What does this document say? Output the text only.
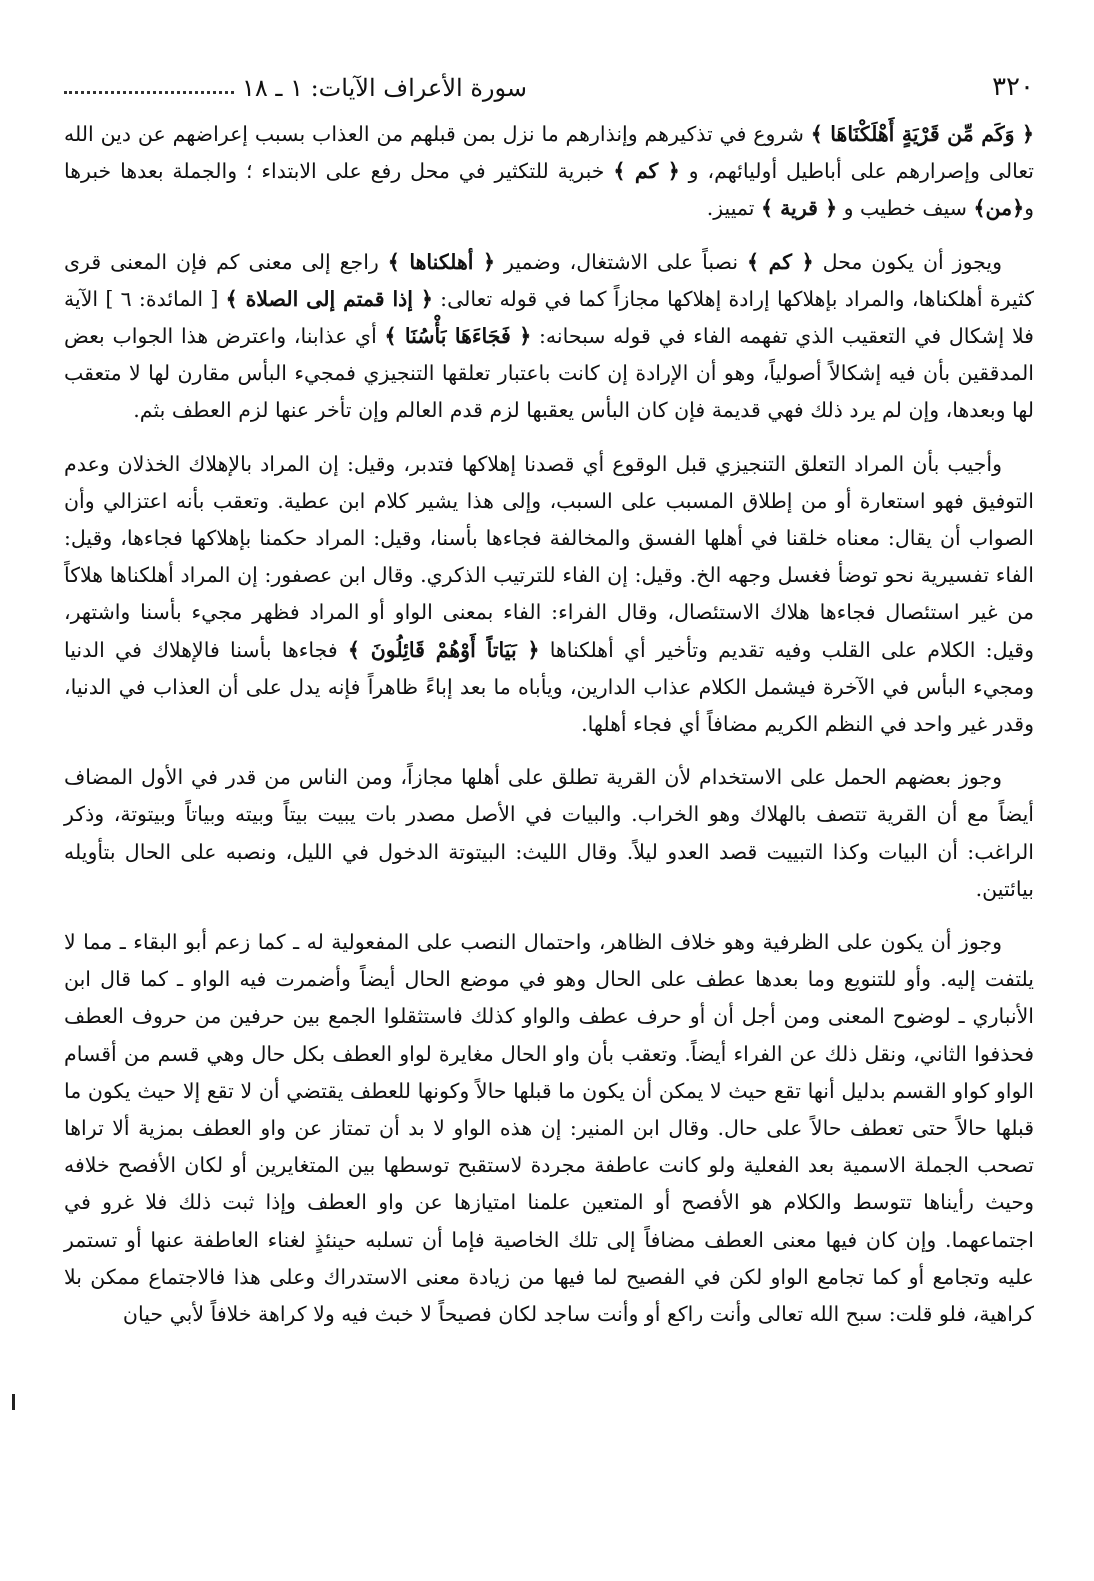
٣٢٠
سورة الأعراف الآيات: ١ ـ ١٨

﴿ وَكَم مِّن قَرْيَةٍ أَهْلَكْنَاهَا ﴾ شروع في تذكيرهم وإنذارهم ما نزل بمن قبلهم من العذاب بسبب إعراضهم عن دين الله تعالى وإصرارهم على أباطيل أوليائهم، و ﴿ كم ﴾ خبرية للتكثير في محل رفع على الابتداء ؛ والجملة بعدها خبرها و﴿من﴾ سيف خطيب و ﴿ قرية ﴾ تمييز.

ويجوز أن يكون محل ﴿ كم ﴾ نصباً على الاشتغال، وضمير ﴿ أهلكناها ﴾ راجع إلى معنى كم فإن المعنى قرى كثيرة أهلكناها، والمراد بإهلاكها إرادة إهلاكها مجازاً كما في قوله تعالى: ﴿ إذا قمتم إلى الصلاة ﴾ [ المائدة: ٦ ] الآية فلا إشكال في التعقيب الذي تفهمه الفاء في قوله سبحانه: ﴿ فَجَاءَهَا بَأْسُنَا ﴾ أي عذابنا، واعترض هذا الجواب بعض المدققين بأن فيه إشكالاً أصولياً، وهو أن الإرادة إن كانت باعتبار تعلقها التنجيزي فمجيء البأس مقارن لها لا متعقب لها وبعدها، وإن لم يرد ذلك فهي قديمة فإن كان البأس يعقبها لزم قدم العالم وإن تأخر عنها لزم العطف بثم.

وأجيب بأن المراد التعلق التنجيزي قبل الوقوع أي قصدنا إهلاكها فتدبر، وقيل: إن المراد بالإهلاك الخذلان وعدم التوفيق فهو استعارة أو من إطلاق المسبب على السبب، وإلى هذا يشير كلام ابن عطية. وتعقب بأنه اعتزالي وأن الصواب أن يقال: معناه خلقنا في أهلها الفسق والمخالفة فجاءها بأسنا، وقيل: المراد حكمنا بإهلاكها فجاءها، وقيل: الفاء تفسيرية نحو توضأ فغسل وجهه الخ. وقيل: إن الفاء للترتيب الذكري. وقال ابن عصفور: إن المراد أهلكناها هلاكاً من غير استئصال فجاءها هلاك الاستئصال، وقال الفراء: الفاء بمعنى الواو أو المراد فظهر مجيء بأسنا واشتهر، وقيل: الكلام على القلب وفيه تقديم وتأخير أي أهلكناها ﴿ بَيَاتاً أَوْهُمْ قَائِلُونَ ﴾ فجاءها بأسنا فالإهلاك في الدنيا ومجيء البأس في الآخرة فيشمل الكلام عذاب الدارين، ويأباه ما بعد إباءً ظاهراً فإنه يدل على أن العذاب في الدنيا، وقدر غير واحد في النظم الكريم مضافاً أي فجاء أهلها.

وجوز بعضهم الحمل على الاستخدام لأن القرية تطلق على أهلها مجازاً، ومن الناس من قدر في الأول المضاف أيضاً مع أن القرية تتصف بالهلاك وهو الخراب. والبيات في الأصل مصدر بات يبيت بيتاً وبيته وبياتاً وبيتوتة، وذكر الراغب: أن البيات وكذا التبييت قصد العدو ليلاً. وقال الليث: البيتوتة الدخول في الليل، ونصبه على الحال بتأويله بيائتين.

وجوز أن يكون على الظرفية وهو خلاف الظاهر، واحتمال النصب على المفعولية له ـ كما زعم أبو البقاء ـ مما لا يلتفت إليه. وأو للتنويع وما بعدها عطف على الحال وهو في موضع الحال أيضاً وأضمرت فيه الواو ـ كما قال ابن الأنباري ـ لوضوح المعنى ومن أجل أن أو حرف عطف والواو كذلك فاستثقلوا الجمع بين حرفين من حروف العطف فحذفوا الثاني، ونقل ذلك عن الفراء أيضاً. وتعقب بأن واو الحال مغايرة لواو العطف بكل حال وهي قسم من أقسام الواو كواو القسم بدليل أنها تقع حيث لا يمكن أن يكون ما قبلها حالاً وكونها للعطف يقتضي أن لا تقع إلا حيث يكون ما قبلها حالاً حتى تعطف حالاً على حال. وقال ابن المنير: إن هذه الواو لا بد أن تمتاز عن واو العطف بمزية ألا تراها تصحب الجملة الاسمية بعد الفعلية ولو كانت عاطفة مجردة لاستقبح توسطها بين المتغايرين أو لكان الأفصح خلافه وحيث رأيناها تتوسط والكلام هو الأفصح أو المتعين علمنا امتيازها عن واو العطف وإذا ثبت ذلك فلا غرو في اجتماعهما. وإن كان فيها معنى العطف مضافاً إلى تلك الخاصية فإما أن تسلبه حينئذٍ لغناء العاطفة عنها أو تستمر عليه وتجامع أو كما تجامع الواو لكن في الفصيح لما فيها من زيادة معنى الاستدراك وعلى هذا فالاجتماع ممكن بلا كراهية، فلو قلت: سبح الله تعالى وأنت راكع أو وأنت ساجد لكان فصيحاً لا خبث فيه ولا كراهة خلافاً لأبي حيان
